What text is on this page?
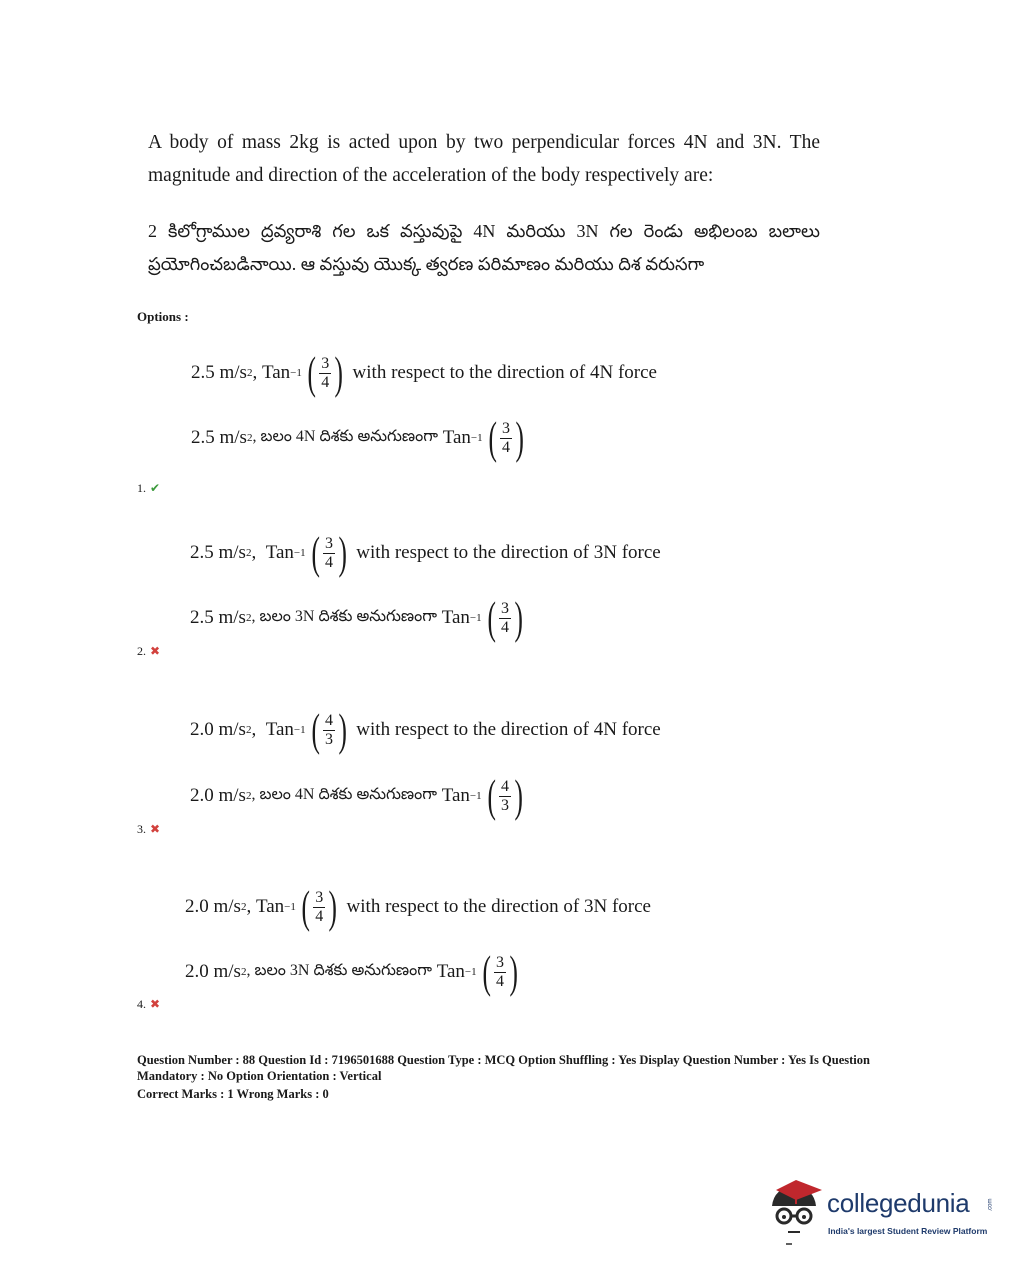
A body of mass 2kg is acted upon by two perpendicular forces 4N and 3N. The magnitude and direction of the acceleration of the body respectively are:
2 కిలోగ్రాముల ద్రవ్యరాశి గల ఒక వస్తువుపై 4N మరియు 3N గల రెండు అభిలంబ బలాలు ప్రయోగించబడినాయి. ఆ వస్తువు యొక్క త్వరణ పరిమాణం మరియు దిశ వరుసగా
Options :
2.5 m/s 2 , Tan −1 ( 3
4 ) with respect to the direction of 4N force
2.5 m/s 2 , బలం 4N దిశకు అనుగుణంగా
Tan −1 ( 3
4 )
1. ✔
2.5 m/s 2 , Tan −1 ( 3
4 ) with respect to the direction of 3N force
2.5 m/s 2 , బలం 3N దిశకు అనుగుణంగా
Tan −1 ( 3
4 )
2. ✖
2.0 m/s 2 , Tan −1 ( 4
3 ) with respect to the direction of 4N force
2.0 m/s 2 , బలం 4N దిశకు అనుగుణంగా
Tan −1 ( 4
3 )
3. ✖
2.0 m/s 2 , Tan −1 ( 3
4 ) with respect to the direction of 3N force
2.0 m/s 2 , బలం 3N దిశకు అనుగుణంగా
Tan −1 ( 3
4 )
4. ✖
Question Number : 88 Question Id : 7196501688 Question Type : MCQ Option Shuffling : Yes Display Question Number : Yes Is Question Mandatory : No Option Orientation : Vertical
Correct Marks : 1 Wrong Marks : 0
collegedunia	.com
India's largest Student Review Platform
